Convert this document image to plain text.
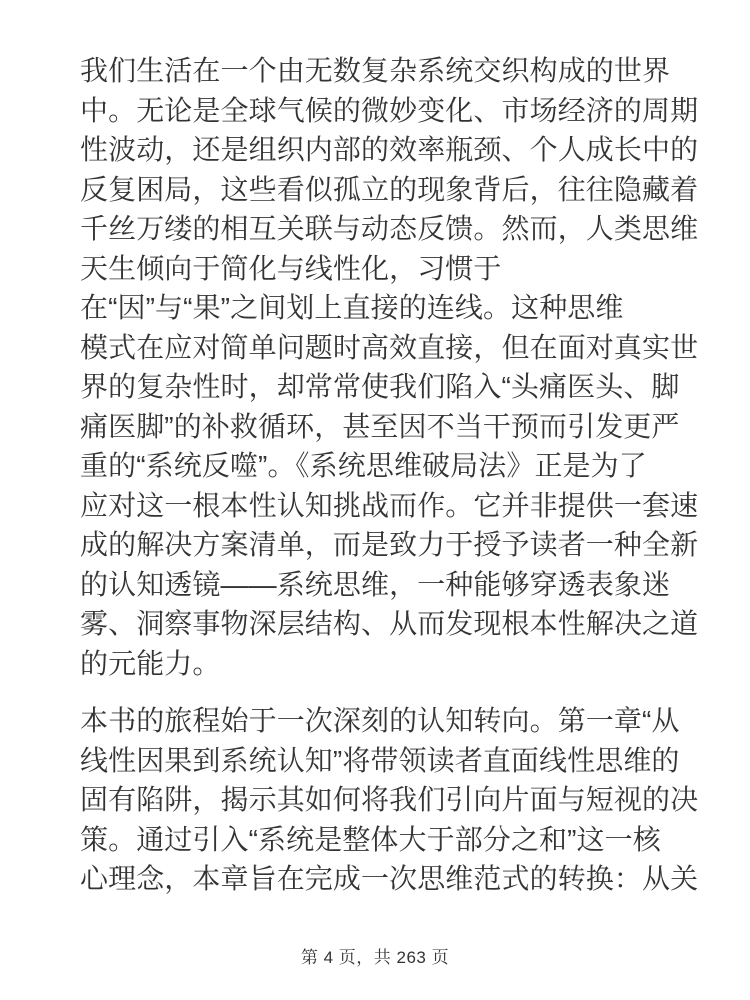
我们生活在一个由无数复杂系统交织构成的世界
中。无论是全球气候的微妙变化、市场经济的周期
性波动，还是组织内部的效率瓶颈、个人成长中的
反复困局，这些看似孤立的现象背后，往往隐藏着
千丝万缕的相互关联与动态反馈。然而，人类思维
天生倾向于简化与线性化，习惯于
在“因”与“果”之间划上直接的连线。这种思维
模式在应对简单问题时高效直接，但在面对真实世
界的复杂性时，却常常使我们陷入“头痛医头、脚
痛医脚”的补救循环，甚至因不当干预而引发更严
重的“系统反噬”。《系统思维破局法》正是为了
应对这一根本性认知挑战而作。它并非提供一套速
成的解决方案清单，而是致力于授予读者一种全新
的认知透镜——系统思维，一种能够穿透表象迷
雾、洞察事物深层结构、从而发现根本性解决之道
的元能力。
本书的旅程始于一次深刻的认知转向。第一章“从
线性因果到系统认知”将带领读者直面线性思维的
固有陷阱，揭示其如何将我们引向片面与短视的决
策。通过引入“系统是整体大于部分之和”这一核
心理念，本章旨在完成一次思维范式的转换：从关
第 4 页，共 263 页
